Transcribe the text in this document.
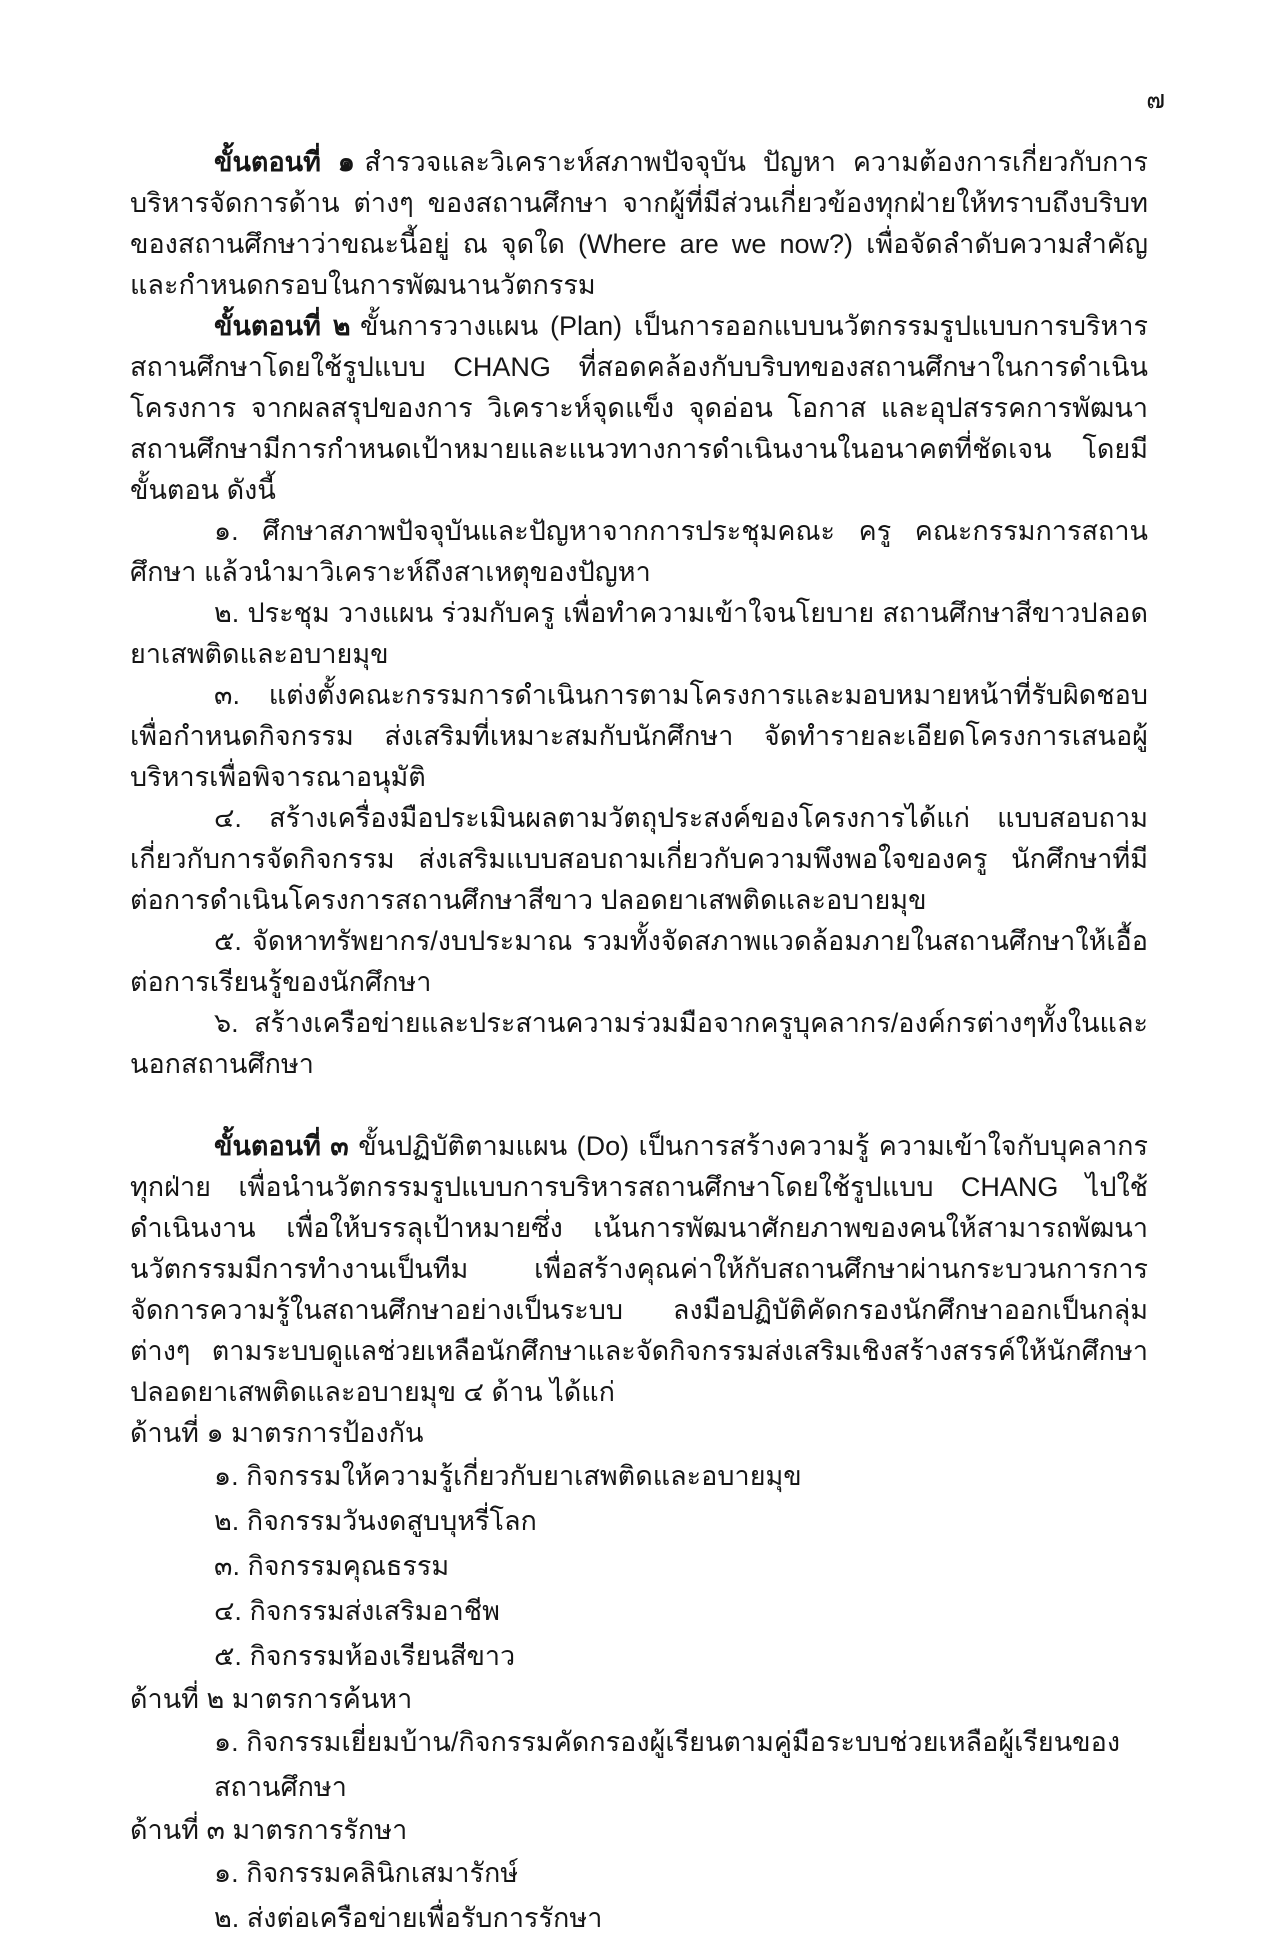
๗

ขั้นตอนที่ ๑ สำรวจและวิเคราะห์สภาพปัจจุบัน ปัญหา ความต้องการเกี่ยวกับการบริหารจัดการด้าน ต่างๆ ของสถานศึกษา จากผู้ที่มีส่วนเกี่ยวข้องทุกฝ่ายให้ทราบถึงบริบทของสถานศึกษาว่าขณะนี้อยู่ ณ จุดใด (Where are we now?) เพื่อจัดลำดับความสำคัญและกำหนดกรอบในการพัฒนานวัตกรรม

ขั้นตอนที่ ๒ ขั้นการวางแผน (Plan) เป็นการออกแบบนวัตกรรมรูปแบบการบริหารสถานศึกษาโดยใช้รูปแบบ CHANG ที่สอดคล้องกับบริบทของสถานศึกษาในการดำเนินโครงการ จากผลสรุปของการ วิเคราะห์จุดแข็ง จุดอ่อน โอกาส และอุปสรรคการพัฒนาสถานศึกษามีการกำหนดเป้าหมายและแนวทางการดำเนินงานในอนาคตที่ชัดเจน โดยมีขั้นตอน ดังนี้

๑. ศึกษาสภาพปัจจุบันและปัญหาจากการประชุมคณะ ครู คณะกรรมการสถานศึกษา แล้วนำมาวิเคราะห์ถึงสาเหตุของปัญหา

๒. ประชุม วางแผน ร่วมกับครู เพื่อทำความเข้าใจนโยบาย สถานศึกษาสีขาวปลอดยาเสพติดและอบายมุข

๓. แต่งตั้งคณะกรรมการดำเนินการตามโครงการและมอบหมายหน้าที่รับผิดชอบเพื่อกำหนดกิจกรรม ส่งเสริมที่เหมาะสมกับนักศึกษา จัดทำรายละเอียดโครงการเสนอผู้บริหารเพื่อพิจารณาอนุมัติ

๔. สร้างเครื่องมือประเมินผลตามวัตถุประสงค์ของโครงการได้แก่ แบบสอบถาม เกี่ยวกับการจัดกิจกรรม ส่งเสริมแบบสอบถามเกี่ยวกับความพึงพอใจของครู นักศึกษาที่มีต่อการดำเนินโครงการสถานศึกษาสีขาว ปลอดยาเสพติดและอบายมุข

๕. จัดหาทรัพยากร/งบประมาณ รวมทั้งจัดสภาพแวดล้อมภายในสถานศึกษาให้เอื้อต่อการเรียนรู้ของนักศึกษา

๖. สร้างเครือข่ายและประสานความร่วมมือจากครูบุคลากร/องค์กรต่างๆทั้งในและนอกสถานศึกษา

ขั้นตอนที่ ๓ ขั้นปฏิบัติตามแผน (Do) เป็นการสร้างความรู้ ความเข้าใจกับบุคลากรทุกฝ่าย เพื่อนำนวัตกรรมรูปแบบการบริหารสถานศึกษาโดยใช้รูปแบบ CHANG ไปใช้ดำเนินงาน เพื่อให้บรรลุเป้าหมายซึ่ง เน้นการพัฒนาศักยภาพของคนให้สามารถพัฒนานวัตกรรมมีการทำงานเป็นทีม เพื่อสร้างคุณค่าให้กับสถานศึกษาผ่านกระบวนการการจัดการความรู้ในสถานศึกษาอย่างเป็นระบบ ลงมือปฏิบัติคัดกรองนักศึกษาออกเป็นกลุ่มต่างๆ ตามระบบดูแลช่วยเหลือนักศึกษาและจัดกิจกรรมส่งเสริมเชิงสร้างสรรค์ให้นักศึกษาปลอดยาเสพติดและอบายมุข ๔ ด้าน ได้แก่

ด้านที่ ๑ มาตรการป้องกัน

๑. กิจกรรมให้ความรู้เกี่ยวกับยาเสพติดและอบายมุข

๒. กิจกรรมวันงดสูบบุหรี่โลก

๓. กิจกรรมคุณธรรม

๔. กิจกรรมส่งเสริมอาชีพ

๕. กิจกรรมห้องเรียนสีขาว

ด้านที่ ๒ มาตรการค้นหา

๑. กิจกรรมเยี่ยมบ้าน/กิจกรรมคัดกรองผู้เรียนตามคู่มือระบบช่วยเหลือผู้เรียนของสถานศึกษา

ด้านที่ ๓ มาตรการรักษา

๑. กิจกรรมคลินิกเสมารักษ์

๒. ส่งต่อเครือข่ายเพื่อรับการรักษา
